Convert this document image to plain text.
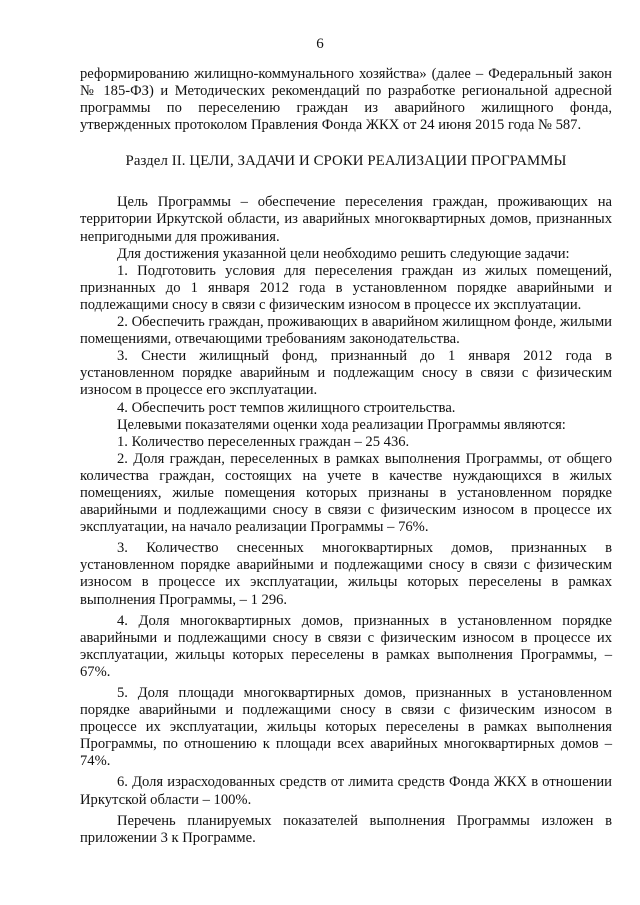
6

реформированию жилищно-коммунального хозяйства» (далее – Федеральный закон № 185-ФЗ) и Методических рекомендаций по разработке региональной адресной программы по переселению граждан из аварийного жилищного фонда, утвержденных протоколом Правления Фонда ЖКХ от 24 июня 2015 года № 587.

Раздел II. ЦЕЛИ, ЗАДАЧИ И СРОКИ РЕАЛИЗАЦИИ ПРОГРАММЫ

Цель Программы – обеспечение переселения граждан, проживающих на территории Иркутской области, из аварийных многоквартирных домов, признанных непригодными для проживания.

Для достижения указанной цели необходимо решить следующие задачи:

1. Подготовить условия для переселения граждан из жилых помещений, признанных до 1 января 2012 года в установленном порядке аварийными и подлежащими сносу в связи с физическим износом в процессе их эксплуатации.

2. Обеспечить граждан, проживающих в аварийном жилищном фонде, жилыми помещениями, отвечающими требованиям законодательства.

3. Снести жилищный фонд, признанный до 1 января 2012 года в установленном порядке аварийным и подлежащим сносу в связи с физическим износом в процессе его эксплуатации.

4. Обеспечить рост темпов жилищного строительства.

Целевыми показателями оценки хода реализации Программы являются:

1. Количество переселенных граждан – 25 436.

2. Доля граждан, переселенных в рамках выполнения Программы, от общего количества граждан, состоящих на учете в качестве нуждающихся в жилых помещениях, жилые помещения которых признаны в установленном порядке аварийными и подлежащими сносу в связи с физическим износом в процессе их эксплуатации, на начало реализации Программы – 76%.

3. Количество снесенных многоквартирных домов, признанных в установленном порядке аварийными и подлежащими сносу в связи с физическим износом в процессе их эксплуатации, жильцы которых переселены в рамках выполнения Программы, – 1 296.

4. Доля многоквартирных домов, признанных в установленном порядке аварийными и подлежащими сносу в связи с физическим износом в процессе их эксплуатации, жильцы которых переселены в рамках выполнения Программы, – 67%.

5. Доля площади многоквартирных домов, признанных в установленном порядке аварийными и подлежащими сносу в связи с физическим износом в процессе их эксплуатации, жильцы которых переселены в рамках выполнения Программы, по отношению к площади всех аварийных многоквартирных домов – 74%.

6. Доля израсходованных средств от лимита средств Фонда ЖКХ в отношении Иркутской области – 100%.

Перечень планируемых показателей выполнения Программы изложен в приложении 3 к Программе.
